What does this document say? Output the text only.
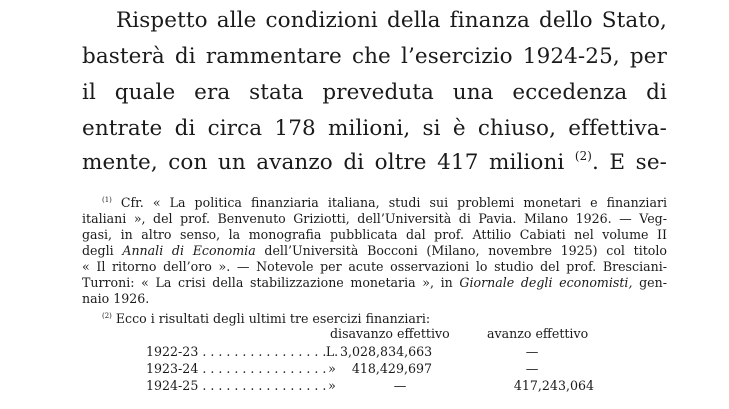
Rispetto alle condizioni della finanza dello Stato,
basterà di rammentare che l’esercizio 1924-25, per
il quale era stata preveduta una eccedenza di
entrate di circa 178 milioni, si è chiuso, effettiva-
mente, con un avanzo di oltre 417 milioni $^{(2)}$. E se-
$^{(1)}$ Cfr. « La politica finanziaria italiana, studi sui problemi monetari e finanziari
italiani », del prof. Benvenuto Griziotti, dell’Università di Pavia. Milano 1926. — Veg-
gasi, in altro senso, la monografia pubblicata dal prof. Attilio Cabiati nel volume II
degli Annali di Economia dell’Università Bocconi (Milano, novembre 1925) col titolo
« Il ritorno dell’oro ». — Notevole per acute osservazioni lo studio del prof. Bresciani-
Turroni: « La crisi della stabilizzazione monetaria », in Giornale degli economisti, gen-
naio 1926.
$^{(2)}$ Ecco i risultati degli ultimi tre esercizi finanziari:
disavanzo effettivo	avanzo effettivo
1922-23 . . . . . . . . . . . . . . . . L. 3,028,834,663	—
1923-24 . . . . . . . . . . . . . . . . »	418,429,697	—
1924-25 . . . . . . . . . . . . . . . . »	—	417,243,064
